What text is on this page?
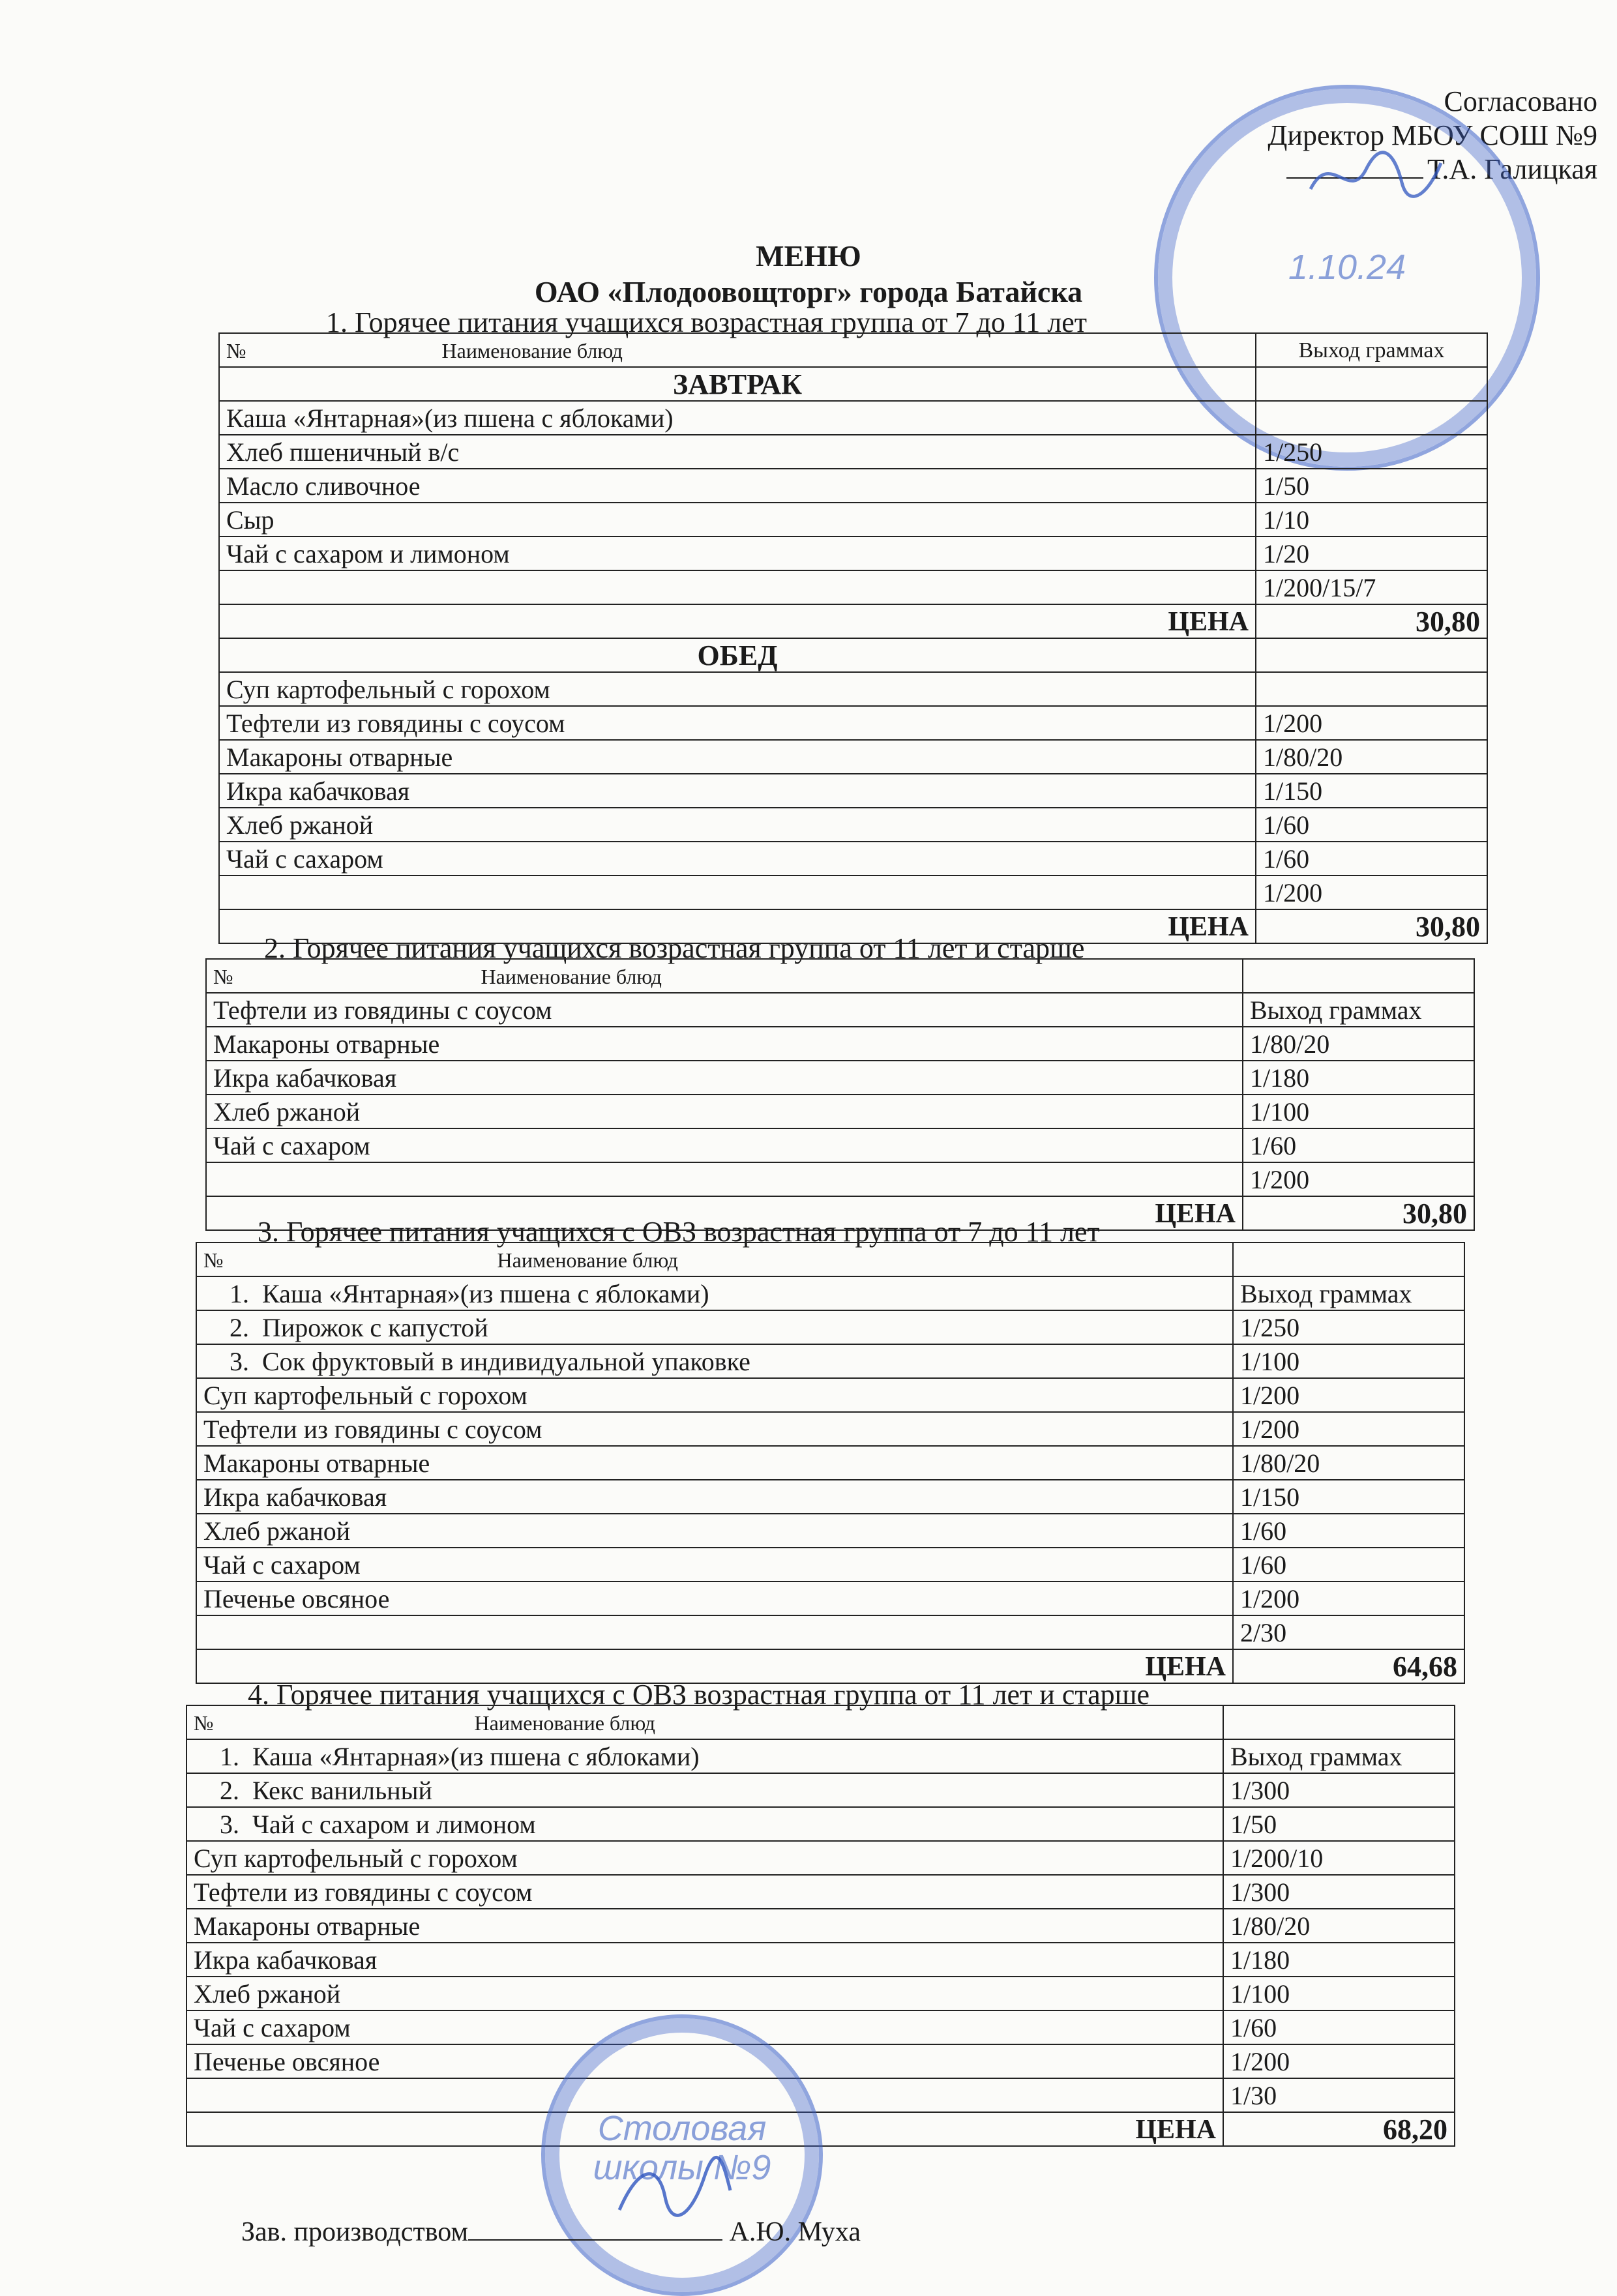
Согласовано
Директор МБОУ СОШ №9
Т.А. Галицкая
1.10.24
МЕНЮ
ОАО «Плодоовощторг» города Батайска
1. Горячее питания учащихся возрастная группа от 7 до 11 лет
№ Наименование блюд	Выход граммах
ЗАВТРАК	
Каша «Янтарная»(из пшена с яблоками)	
Хлеб пшеничный в/с	1/250
Масло сливочное	1/50
Сыр	1/10
Чай с сахаром и лимоном	1/20
	1/200/15/7
ЦЕНА	30,80
ОБЕД	
Суп картофельный с горохом	
Тефтели из говядины с соусом	1/200
Макароны отварные	1/80/20
Икра кабачковая	1/150
Хлеб ржаной	1/60
Чай с сахаром	1/60
	1/200
ЦЕНА	30,80
2. Горячее питания учащихся возрастная группа от 11 лет и старше
№ Наименование блюд	
Тефтели из говядины с соусом	Выход граммах
Макароны отварные	1/80/20
Икра кабачковая	1/180
Хлеб ржаной	1/100
Чай с сахаром	1/60
	1/200
ЦЕНА	30,80
3. Горячее питания учащихся с ОВЗ возрастная группа от 7 до 11 лет
№ Наименование блюд	
1. Каша «Янтарная»(из пшена с яблоками)	Выход граммах
2. Пирожок с капустой	1/250
3. Сок фруктовый в индивидуальной упаковке	1/100
Суп картофельный с горохом	1/200
Тефтели из говядины с соусом	1/200
Макароны отварные	1/80/20
Икра кабачковая	1/150
Хлеб ржаной	1/60
Чай с сахаром	1/60
Печенье овсяное	1/200
	2/30
ЦЕНА	64,68
4. Горячее питания учащихся с ОВЗ возрастная группа от 11 лет и старше
№ Наименование блюд	
1. Каша «Янтарная»(из пшена с яблоками)	Выход граммах
2. Кекс ванильный	1/300
3. Чай с сахаром и лимоном	1/50
Суп картофельный с горохом	1/200/10
Тефтели из говядины с соусом	1/300
Макароны отварные	1/80/20
Икра кабачковая	1/180
Хлеб ржаной	1/100
Чай с сахаром	1/60
Печенье овсяное	1/200
	1/30
ЦЕНА	68,20
Столовая школы №9
Зав. производством	А.Ю. Муха
